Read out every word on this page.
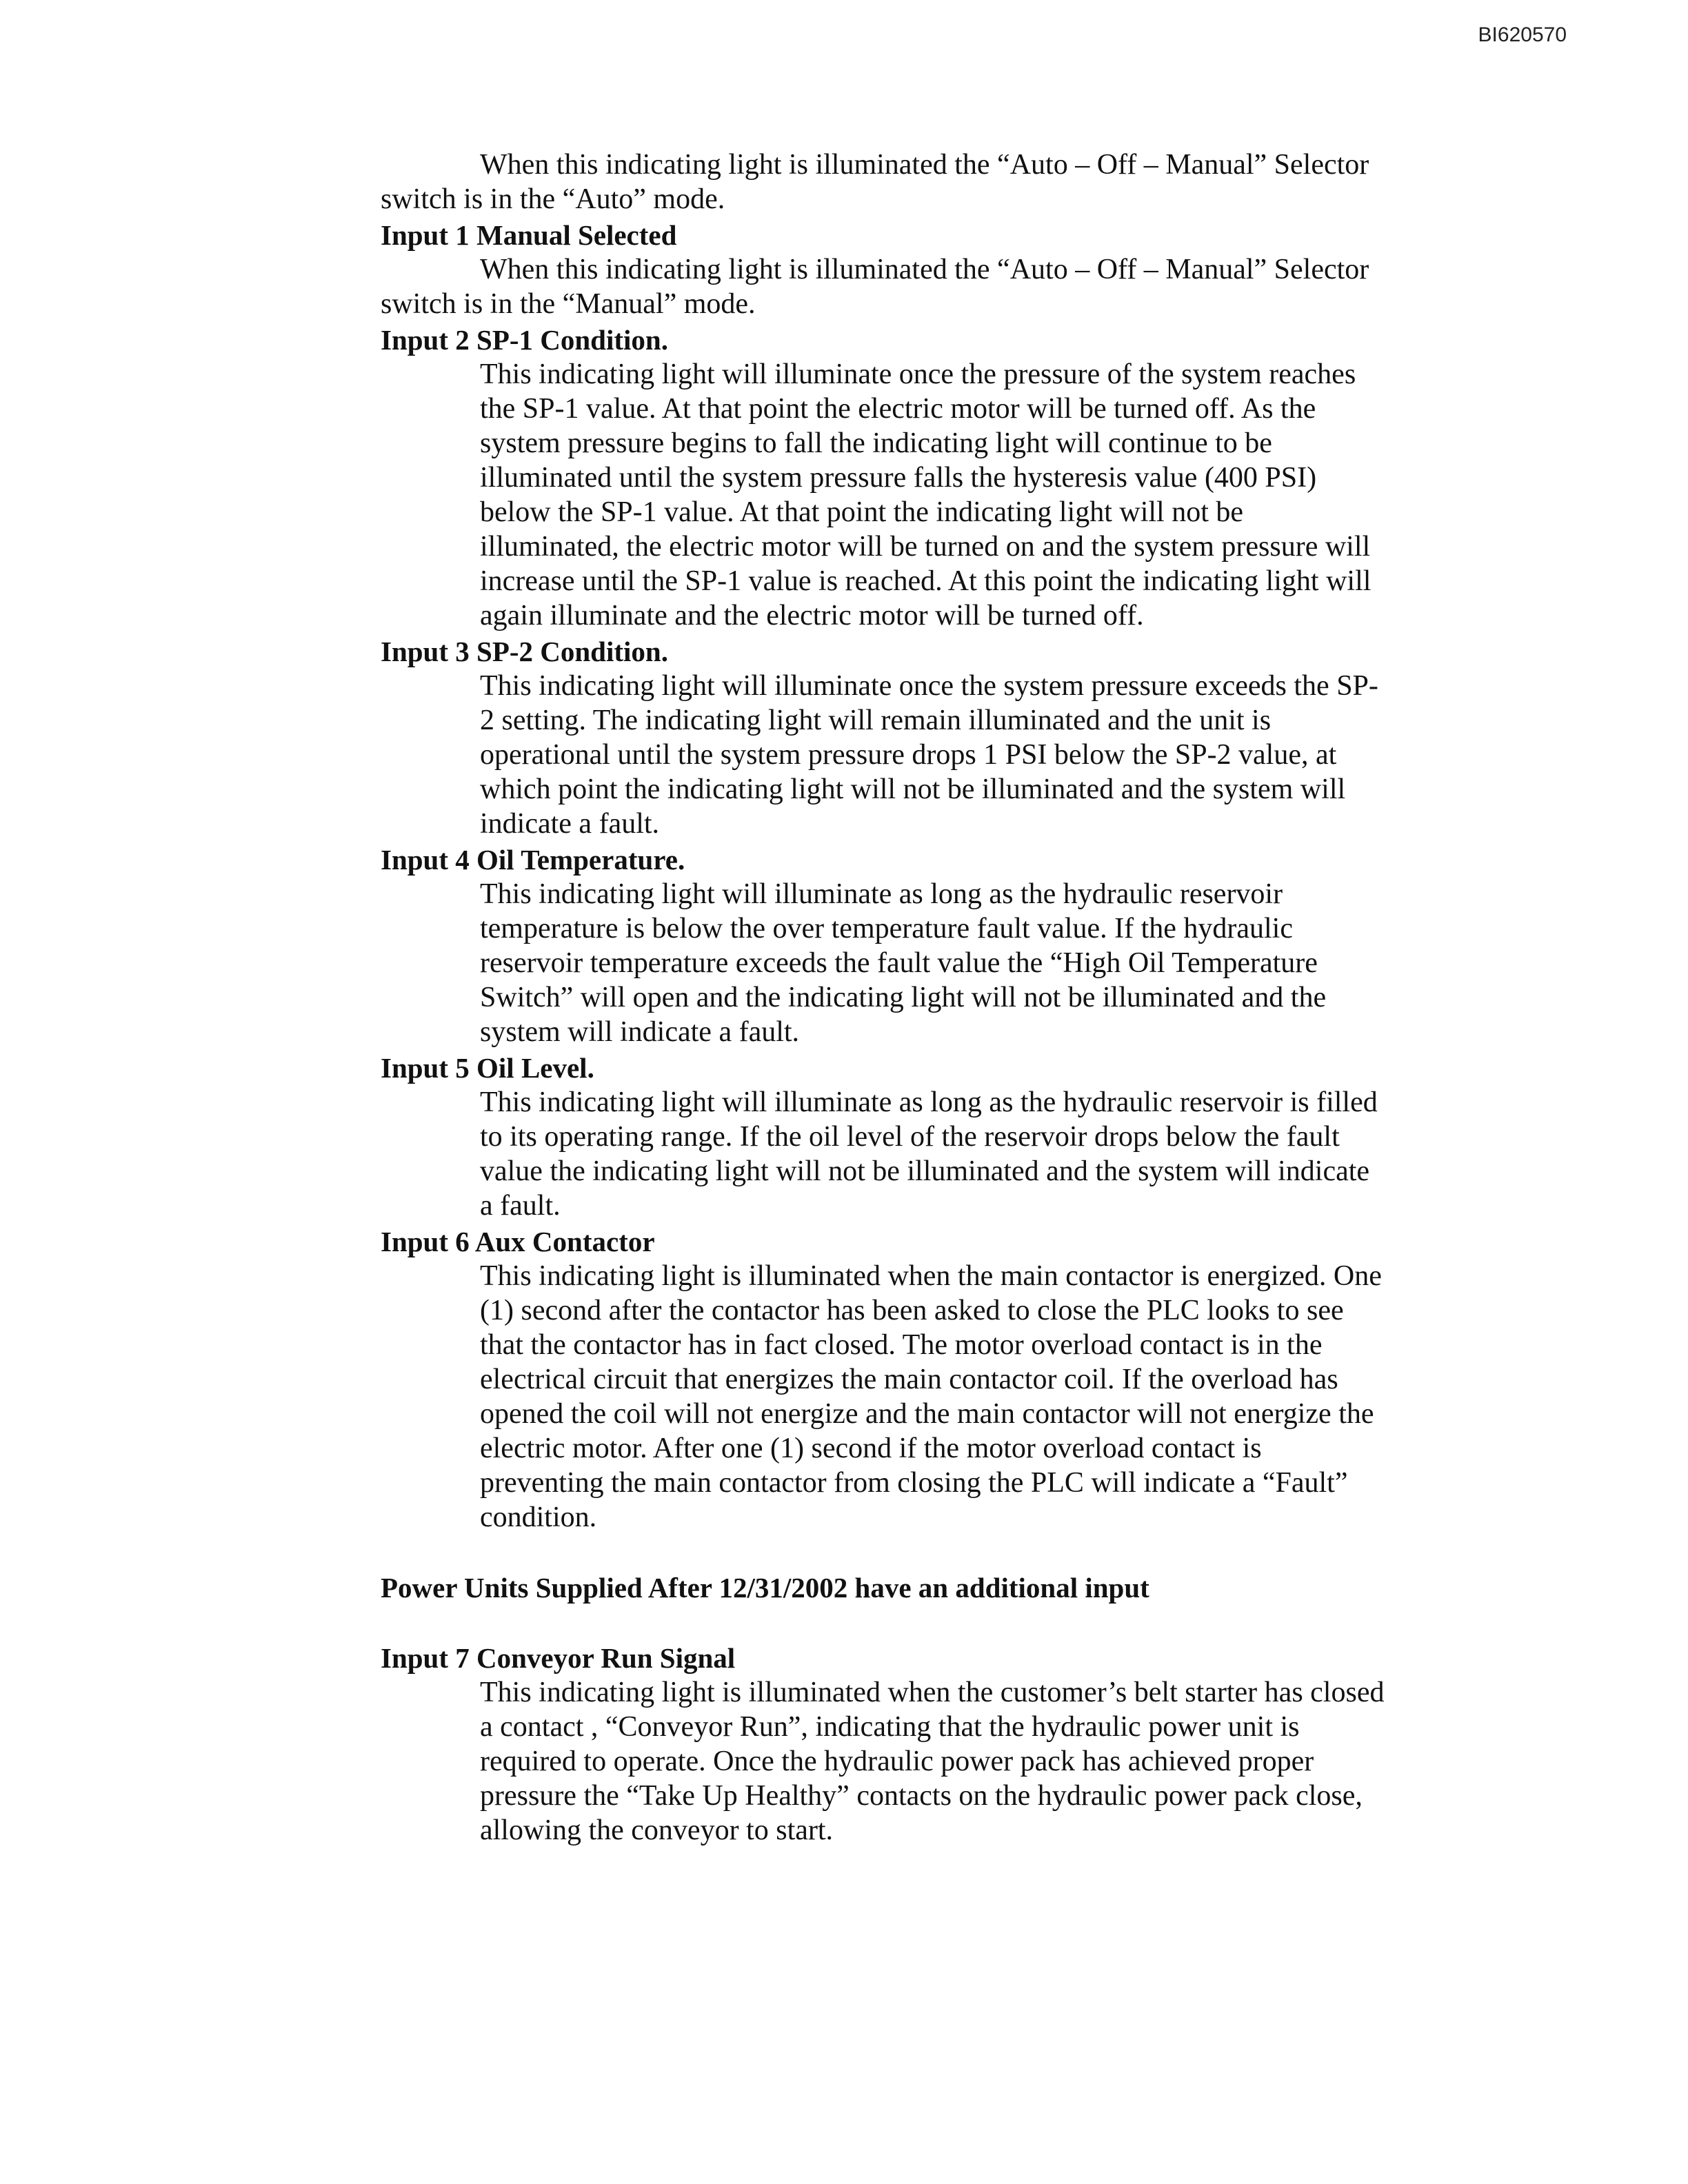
BI620570

When this indicating light is illuminated the “Auto – Off – Manual” Selector switch is in the “Auto” mode.

Input 1 Manual Selected

When this indicating light is illuminated the “Auto – Off – Manual” Selector switch is in the “Manual” mode.

Input 2 SP-1 Condition.

This indicating light will illuminate once the pressure of the system reaches the SP-1 value. At that point the electric motor will be turned off. As the system pressure begins to fall the indicating light will continue to be illuminated until the system pressure falls the hysteresis value (400 PSI) below the SP-1 value. At that point the indicating light will not be illuminated, the electric motor will be turned on and the system pressure will increase until the SP-1 value is reached. At this point the indicating light will again illuminate and the electric motor will be turned off.

Input 3 SP-2 Condition.

This indicating light will illuminate once the system pressure exceeds the SP-2 setting. The indicating light will remain illuminated and the unit is operational until the system pressure drops 1 PSI below the SP-2 value, at which point the indicating light will not be illuminated and the system will indicate a fault.

Input 4 Oil Temperature.

This indicating light will illuminate as long as the hydraulic reservoir temperature is below the over temperature fault value. If the hydraulic reservoir temperature exceeds the fault value the “High Oil Temperature Switch” will open and the indicating light will not be illuminated and the system will indicate a fault.

Input 5 Oil Level.

This indicating light will illuminate as long as the hydraulic reservoir is filled to its operating range. If the oil level of the reservoir drops below the fault value the indicating light will not be illuminated and the system will indicate a fault.

Input 6 Aux Contactor

This indicating light is illuminated when the main contactor is energized. One (1) second after the contactor has been asked to close the PLC looks to see that the contactor has in fact closed. The motor overload contact is in the electrical circuit that energizes the main contactor coil. If the overload has opened the coil will not energize and the main contactor will not energize the electric motor. After one (1) second if the motor overload contact is preventing the main contactor from closing the PLC will indicate a “Fault” condition.

Power Units Supplied After 12/31/2002 have an additional input
Input 7 Conveyor Run Signal

This indicating light is illuminated when the customer’s belt starter has closed a contact , “Conveyor Run”, indicating that the hydraulic power unit is required to operate. Once the hydraulic power pack has achieved proper pressure the “Take Up Healthy” contacts on the hydraulic power pack close, allowing the conveyor to start.
